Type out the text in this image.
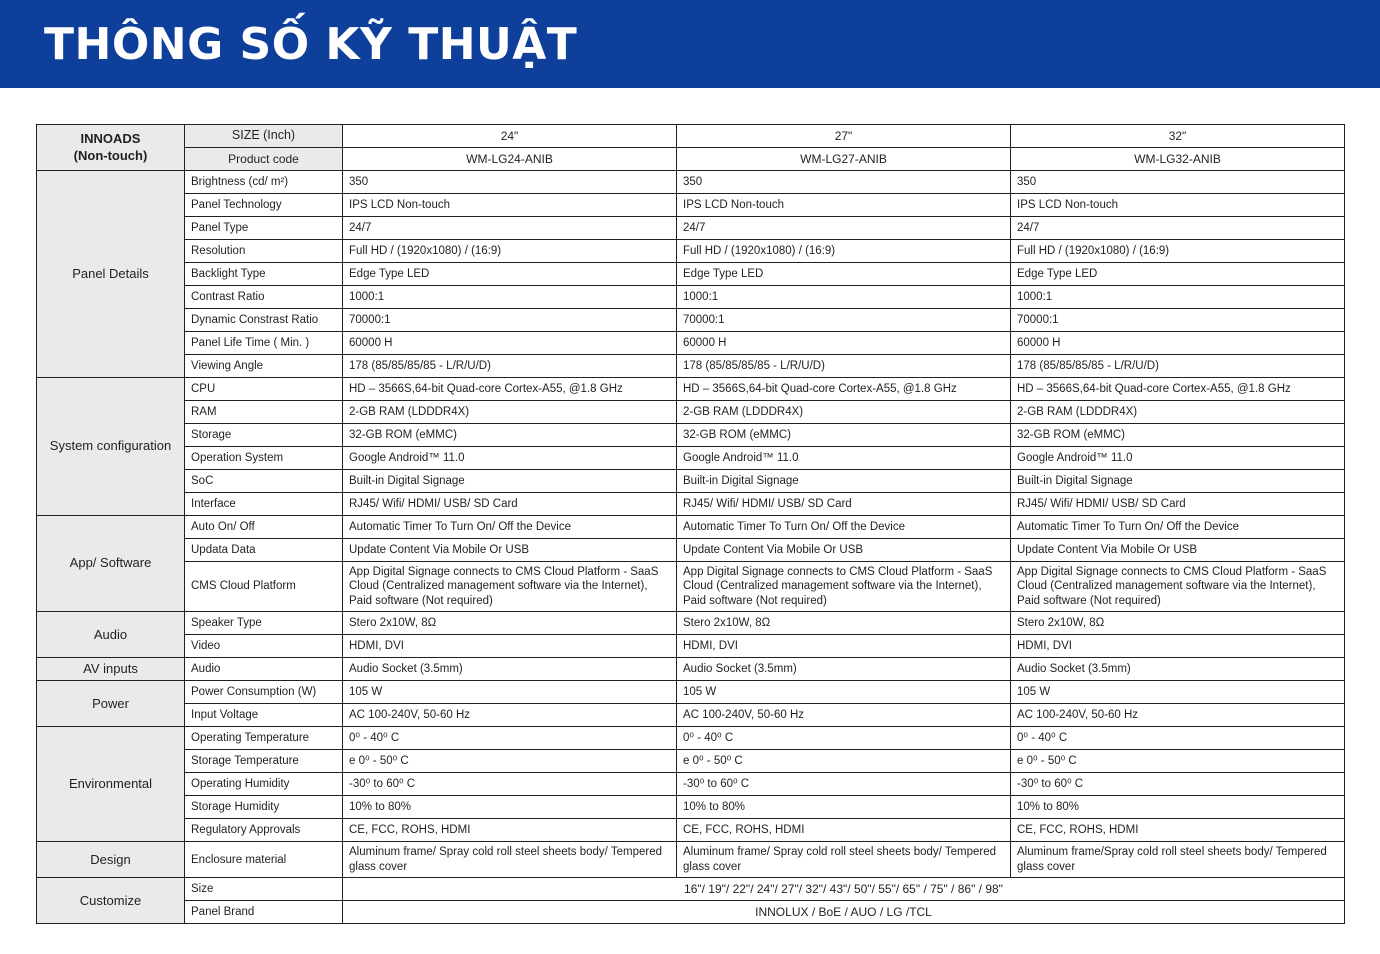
THÔNG SỐ KỸ THUẬT
INNOADS
(Non-touch)	SIZE (Inch)	24"	27"	32"
	Product code	WM-LG24-ANIB	WM-LG27-ANIB	WM-LG32-ANIB
Panel Details	Brightness (cd/ m²)	350	350	350
	Panel Technology	IPS LCD Non-touch	IPS LCD Non-touch	IPS LCD Non-touch
	Panel Type	24/7	24/7	24/7
	Resolution	Full HD / (1920x1080) / (16:9)	Full HD / (1920x1080) / (16:9)	Full HD / (1920x1080) / (16:9)
	Backlight Type	Edge Type LED	Edge Type LED	Edge Type LED
	Contrast Ratio	1000:1	1000:1	1000:1
	Dynamic Constrast Ratio	70000:1	70000:1	70000:1
	Panel Life Time ( Min. )	60000 H	60000 H	60000 H
	Viewing Angle	178 (85/85/85/85 - L/R/U/D)	178 (85/85/85/85 - L/R/U/D)	178 (85/85/85/85 - L/R/U/D)
System configuration	CPU	HD – 3566S,64-bit Quad-core Cortex-A55, @1.8 GHz	HD – 3566S,64-bit Quad-core Cortex-A55, @1.8 GHz	HD – 3566S,64-bit Quad-core Cortex-A55, @1.8 GHz
	RAM	2-GB RAM (LDDDR4X)	2-GB RAM (LDDDR4X)	2-GB RAM (LDDDR4X)
	Storage	32-GB ROM (eMMC)	32-GB ROM (eMMC)	32-GB ROM (eMMC)
	Operation System	Google Android™ 11.0	Google Android™ 11.0	Google Android™ 11.0
	SoC	Built-in Digital Signage	Built-in Digital Signage	Built-in Digital Signage
	Interface	RJ45/ Wifi/ HDMI/ USB/ SD Card	RJ45/ Wifi/ HDMI/ USB/ SD Card	RJ45/ Wifi/ HDMI/ USB/ SD Card
App/ Software	Auto On/ Off	Automatic Timer To Turn On/ Off the Device	Automatic Timer To Turn On/ Off the Device	Automatic Timer To Turn On/ Off the Device
	Updata Data	Update Content Via Mobile Or USB	Update Content Via Mobile Or USB	Update Content Via Mobile Or USB
	CMS Cloud Platform	App Digital Signage connects to CMS Cloud Platform - SaaS Cloud (Centralized management software via the Internet), Paid software (Not required)	App Digital Signage connects to CMS Cloud Platform - SaaS Cloud (Centralized management software via the Internet), Paid software (Not required)	App Digital Signage connects to CMS Cloud Platform - SaaS Cloud (Centralized management software via the Internet), Paid software (Not required)
Audio	Speaker Type	Stero 2x10W, 8Ω	Stero 2x10W, 8Ω	Stero 2x10W, 8Ω
	Video	HDMI, DVI	HDMI, DVI	HDMI, DVI
AV inputs	Audio	Audio Socket (3.5mm)	Audio Socket (3.5mm)	Audio Socket (3.5mm)
Power	Power Consumption (W)	105 W	105 W	105 W
	Input Voltage	AC 100-240V, 50-60 Hz	AC 100-240V, 50-60 Hz	AC 100-240V, 50-60 Hz
Environmental	Operating Temperature	0⁰ - 40⁰ C	0⁰ - 40⁰ C	0⁰ - 40⁰ C
	Storage Temperature	e 0⁰ - 50⁰ C	e 0⁰ - 50⁰ C	e 0⁰ - 50⁰ C
	Operating Humidity	-30⁰ to 60⁰ C	-30⁰ to 60⁰ C	-30⁰ to 60⁰ C
	Storage Humidity	10% to 80%	10% to 80%	10% to 80%
	Regulatory Approvals	CE, FCC, ROHS, HDMI	CE, FCC, ROHS, HDMI	CE, FCC, ROHS, HDMI
Design	Enclosure material	Aluminum frame/ Spray cold roll steel sheets body/ Tempered glass cover	Aluminum frame/ Spray cold roll steel sheets body/ Tempered glass cover	Aluminum frame/Spray cold roll steel sheets body/ Tempered glass cover
Customize	Size	16"/ 19"/ 22"/ 24"/ 27"/ 32"/ 43"/ 50"/ 55"/ 65" / 75" / 86" / 98"		
	Panel Brand	INNOLUX / BoE / AUO / LG /TCL		
